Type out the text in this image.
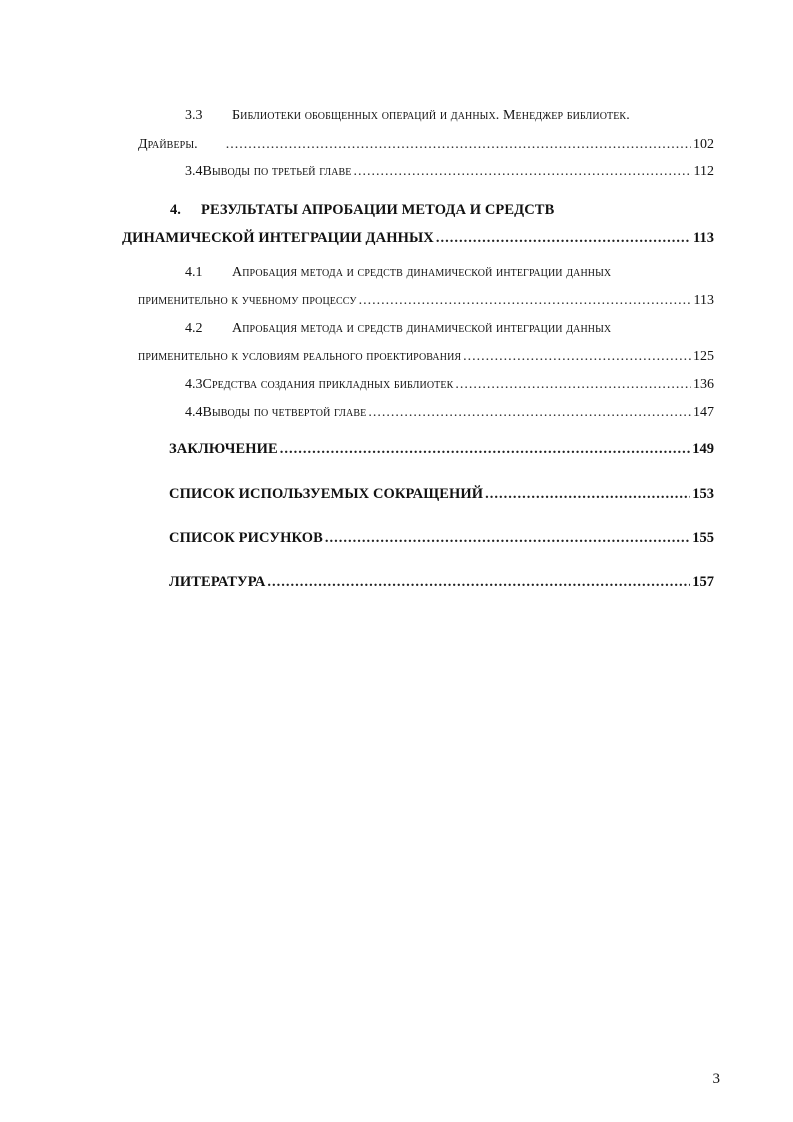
3.3	Библиотеки обобщенных операций и данных. Менеджер библиотек.
Драйверы. .....	102
3.4 Выводы по третьей главе .....	112
4.	РЕЗУЛЬТАТЫ АПРОБАЦИИ МЕТОДА И СРЕДСТВ
ДИНАМИЧЕСКОЙ ИНТЕГРАЦИИ ДАННЫХ .....	113
4.1	Апробация метода и средств динамической интеграции данных
применительно к учебному процессу .....	113
4.2	Апробация метода и средств динамической интеграции данных
применительно к условиям реального проектирования .....	125
4.3 Средства создания прикладных библиотек .....	136
4.4 Выводы по четвертой главе .....	147
ЗАКЛЮЧЕНИЕ .....	149
СПИСОК ИСПОЛЬЗУЕМЫХ СОКРАЩЕНИЙ .....	153
СПИСОК РИСУНКОВ .....	155
ЛИТЕРАТУРА .....	157
3
